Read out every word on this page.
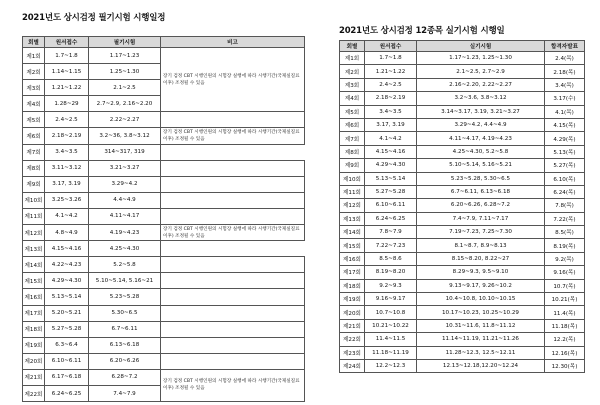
2021년도 상시검정 필기시험 시행일정
회별	원서접수	필기시험	비고
제1회	1.7~1.8	1.17~1.23	장기 검정 CBT 시행인원의 시험장 실행에 따라 시행기간(국제실질료 이후) 조정될 수 있음
제2회	1.14~1.15	1.25~1.30	
제3회	1.21~1.22	2.1~2.5	
제4회	1.28~29	2.7~2.9, 2.16~2.20	
제5회	2.4~2.5	2.22~2.27	
제6회	2.18~2.19	3.2~36, 3.8~3.12	장기 검정 CBT 시행인원의 시험장 실행에 따라 시행기간(국제실질료 이후) 조정될 수 있음
제7회	3.4~3.5	314~317, 319	
제8회	3.11~3.12	3.21~3.27	
제9회	3.17, 3.19	3.29~4.2	
제10회	3.25~3.26	4.4~4.9	
제11회	4.1~4.2	4.11~4.17	
제12회	4.8~4.9	4.19~4.23	장기 검정 CBT 시행인원의 시험장 실행에 따라 시행기간(국제실질료 이후) 조정될 수 있음
제13회	4.15~4.16	4.25~4.30	
제14회	4.22~4.23	5.2~5.8	
제15회	4.29~4.30	5.10~5.14, 5.16~21	
제16회	5.13~5.14	5.23~5.28	
제17회	5.20~5.21	5.30~6.5	
제18회	5.27~5.28	6.7~6.11	
제19회	6.3~6.4	6.13~6.18	
제20회	6.10~6.11	6.20~6.26	
제21회	6.17~6.18	6.28~7.2	장기 검정 CBT 시행인원의 시험장 실행에 따라 시행기간(국제실질료 이후) 조정될 수 있음
제22회	6.24~6.25	7.4~7.9	
2021년도 상시검정 12종목 실기시험 시행일
회별	원서접수	실기시험	합격자발표
제1회	1.7~1.8	1.17~1.23, 1.25~1.30	2.4(목)
제2회	1.21~1.22	2.1~2.5, 2.7~2.9	2.18(목)
제3회	2.4~2.5	2.16~2.20, 2.22~2.27	3.4(목)
제4회	2.18~2.19	3.2~3.6, 3.8~3.12	3.17(수)
제5회	3.4~3.5	3.14~3.17, 3.19, 3.21~3.27	4.1(목)
제6회	3.17, 3.19	3.29~4.2, 4.4~4.9	4.15(목)
제7회	4.1~4.2	4.11~4.17, 4.19~4.23	4.29(목)
제8회	4.15~4.16	4.25~4.30, 5.2~5.8	5.13(목)
제9회	4.29~4.30	5.10~5.14, 5.16~5.21	5.27(목)
제10회	5.13~5.14	5.23~5.28, 5.30~6.5	6.10(목)
제11회	5.27~5.28	6.7~6.11, 6.13~6.18	6.24(목)
제12회	6.10~6.11	6.20~6.26, 6.28~7.2	7.8(목)
제13회	6.24~6.25	7.4~7.9, 7.11~7.17	7.22(목)
제14회	7.8~7.9	7.19~7.23, 7.25~7.30	8.5(목)
제15회	7.22~7.23	8.1~8.7, 8.9~8.13	8.19(목)
제16회	8.5~8.6	8.15~8.20, 8.22~27	9.2(목)
제17회	8.19~8.20	8.29~9.3, 9.5~9.10	9.16(목)
제18회	9.2~9.3	9.13~9.17, 9.26~10.2	10.7(목)
제19회	9.16~9.17	10.4~10.8, 10.10~10.15	10.21(목)
제20회	10.7~10.8	10.17~10.23, 10.25~10.29	11.4(목)
제21회	10.21~10.22	10.31~11.6, 11.8~11.12	11.18(목)
제22회	11.4~11.5	11.14~11.19, 11.21~11.26	12.2(목)
제23회	11.18~11.19	11.28~12.3, 12.5~12.11	12.16(목)
제24회	12.2~12.3	12.13~12.18,12.20~12.24	12.30(목)
